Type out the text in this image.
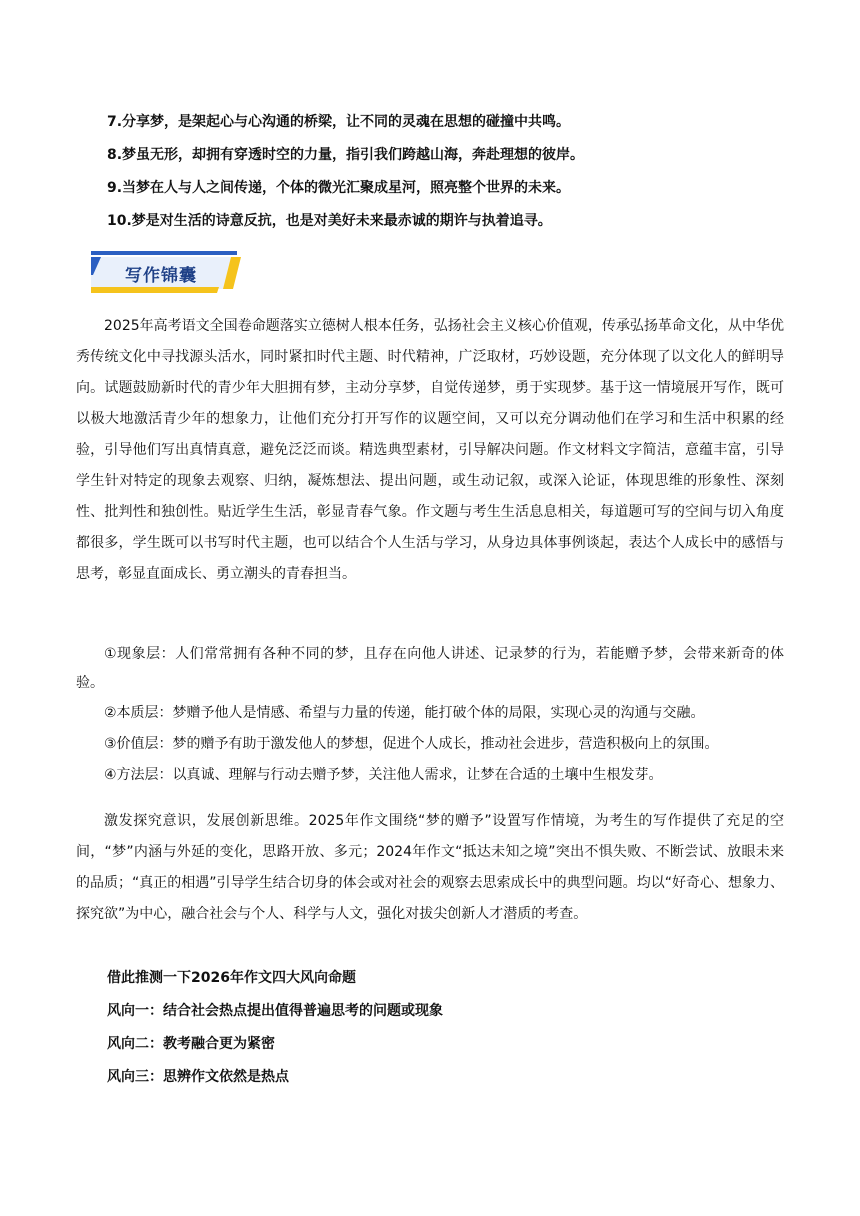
7.分享梦，是架起心与心沟通的桥梁，让不同的灵魂在思想的碰撞中共鸣。
8.梦虽无形，却拥有穿透时空的力量，指引我们跨越山海，奔赴理想的彼岸。
9.当梦在人与人之间传递，个体的微光汇聚成星河，照亮整个世界的未来。
10.梦是对生活的诗意反抗，也是对美好未来最赤诚的期许与执着追寻。
写作锦囊

2025年高考语文全国卷命题落实立德树人根本任务，弘扬社会主义核心价值观，传承弘扬革命文化，从中华优秀传统文化中寻找源头活水，同时紧扣时代主题、时代精神，广泛取材，巧妙设题，充分体现了以文化人的鲜明导向。试题鼓励新时代的青少年大胆拥有梦，主动分享梦，自觉传递梦，勇于实现梦。基于这一情境展开写作，既可以极大地激活青少年的想象力，让他们充分打开写作的议题空间，又可以充分调动他们在学习和生活中积累的经验，引导他们写出真情真意，避免泛泛而谈。精选典型素材，引导解决问题。作文材料文字简洁，意蕴丰富，引导学生针对特定的现象去观察、归纳，凝炼想法、提出问题，或生动记叙，或深入论证，体现思维的形象性、深刻性、批判性和独创性。贴近学生生活，彰显青春气象。作文题与考生生活息息相关，每道题可写的空间与切入角度都很多，学生既可以书写时代主题，也可以结合个人生活与学习，从身边具体事例谈起，表达个人成长中的感悟与思考，彰显直面成长、勇立潮头的青春担当。

①现象层：人们常常拥有各种不同的梦，且存在向他人讲述、记录梦的行为，若能赠予梦，会带来新奇的体验。

②本质层：梦赠予他人是情感、希望与力量的传递，能打破个体的局限，实现心灵的沟通与交融。

③价值层：梦的赠予有助于激发他人的梦想，促进个人成长，推动社会进步，营造积极向上的氛围。

④方法层：以真诚、理解与行动去赠予梦，关注他人需求，让梦在合适的土壤中生根发芽。

激发探究意识，发展创新思维。2025年作文围绕“梦的赠予”设置写作情境，为考生的写作提供了充足的空间，“梦”内涵与外延的变化，思路开放、多元；2024年作文“抵达未知之境”突出不惧失败、不断尝试、放眼未来的品质；“真正的相遇”引导学生结合切身的体会或对社会的观察去思索成长中的典型问题。均以“好奇心、想象力、探究欲”为中心，融合社会与个人、科学与人文，强化对拔尖创新人才潜质的考查。

借此推测一下2026年作文四大风向命题
风向一：结合社会热点提出值得普遍思考的问题或现象
风向二：教考融合更为紧密
风向三：思辨作文依然是热点
